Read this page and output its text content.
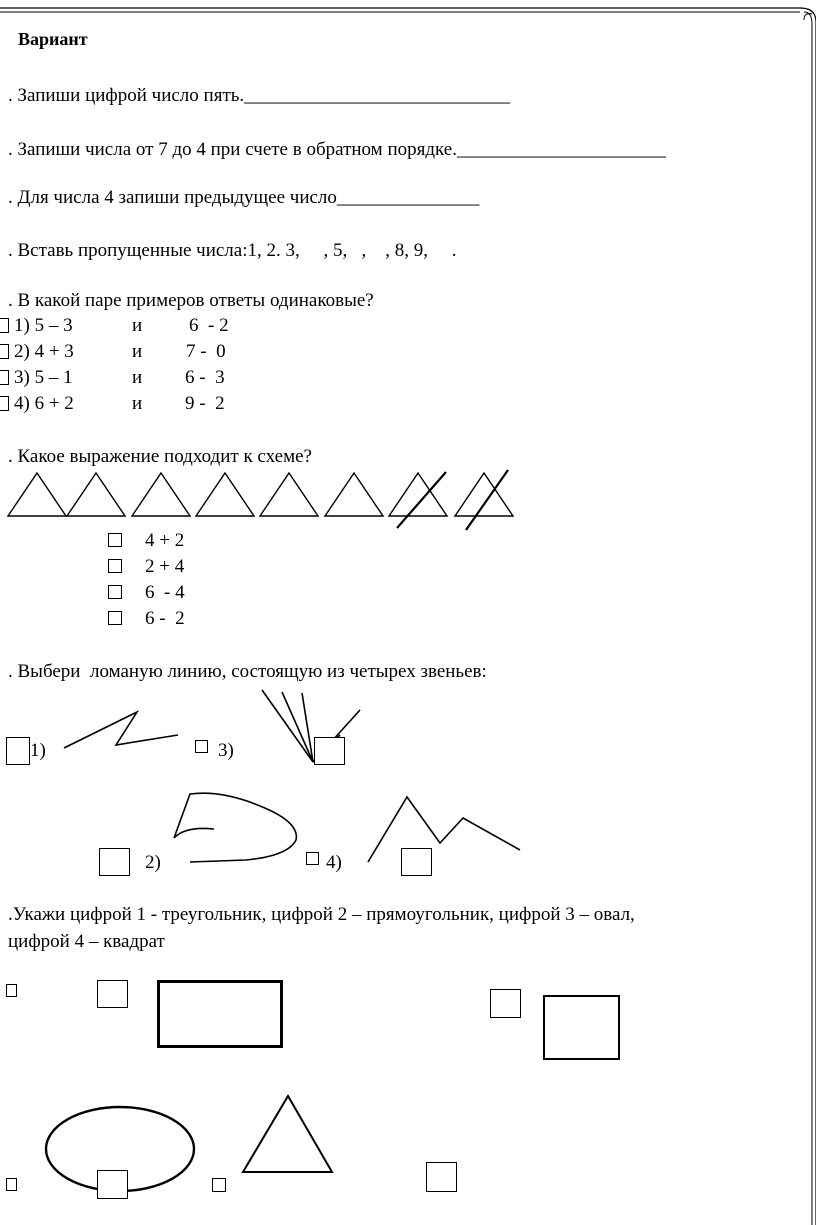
Вариант
. Запиши цифрой число пять.____________________________
. Запиши числа от 7 до 4 при счете в обратном порядке.______________________
. Для числа 4 запиши предыдущее число_______________
. Вставь пропущенные числа:1, 2. 3,     , 5,   ,    , 8, 9,     .
. В какой паре примеров ответы одинаковые?
1) 5 – 3	и 6  - 2
2) 4 + 3	и 7 -  0
3) 5 – 1	и 6 -  3
4) 6 + 2	и 9 -  2
. Какое выражение подходит к схеме?
4 + 2
2 + 4
6  - 4
6 -  2
. Выбери  ломаную линию, состоящую из четырех звеньев:
1)	3)
2)	4)
.Укажи цифрой 1 - треугольник, цифрой 2 – прямоугольник, цифрой 3 – овал,
цифрой 4 – квадрат
